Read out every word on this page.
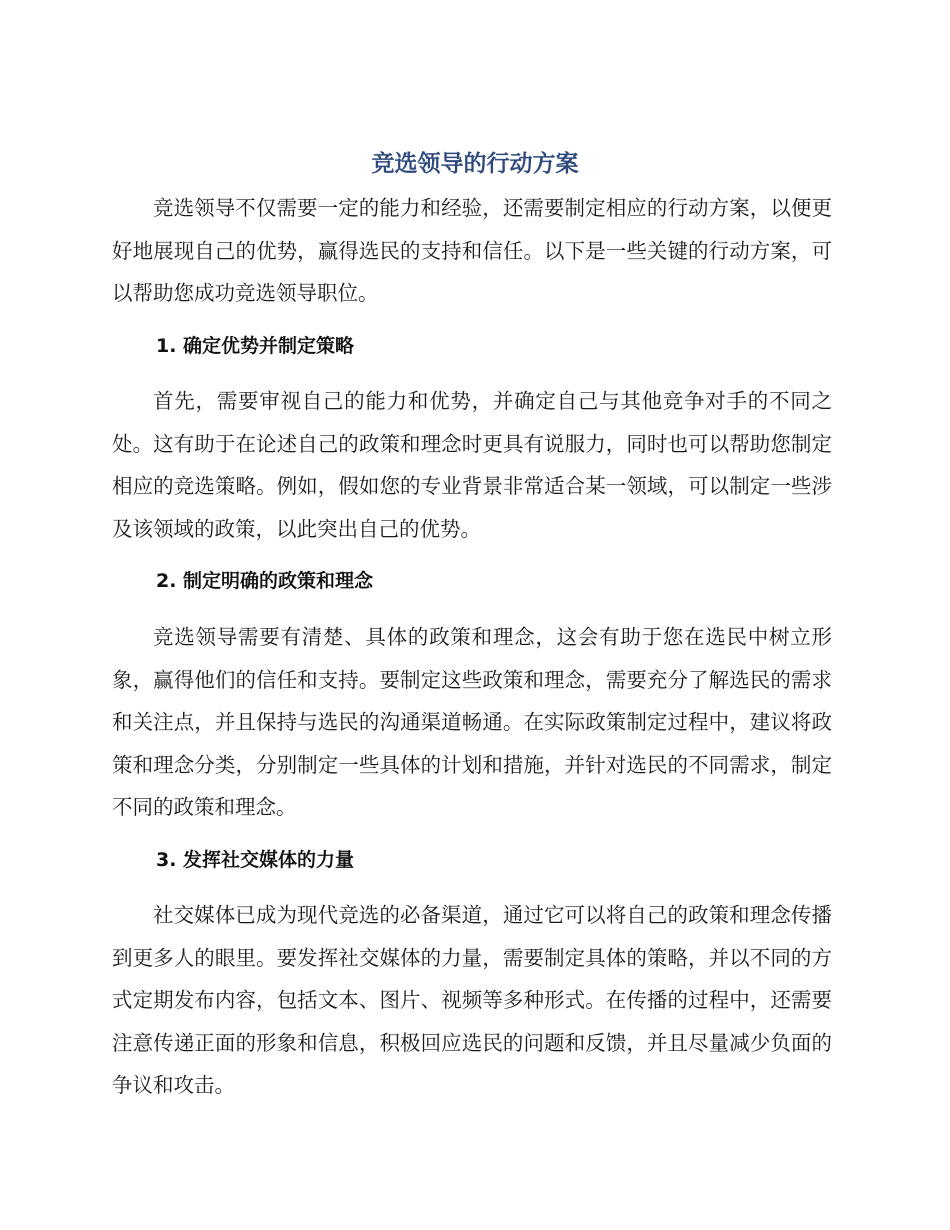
竞选领导的行动方案

竞选领导不仅需要一定的能力和经验，还需要制定相应的行动方案，以便更好地展现自己的优势，赢得选民的支持和信任。以下是一些关键的行动方案，可以帮助您成功竞选领导职位。

1. 确定优势并制定策略

首先，需要审视自己的能力和优势，并确定自己与其他竞争对手的不同之处。这有助于在论述自己的政策和理念时更具有说服力，同时也可以帮助您制定相应的竞选策略。例如，假如您的专业背景非常适合某一领域，可以制定一些涉及该领域的政策，以此突出自己的优势。

2. 制定明确的政策和理念

竞选领导需要有清楚、具体的政策和理念，这会有助于您在选民中树立形象，赢得他们的信任和支持。要制定这些政策和理念，需要充分了解选民的需求和关注点，并且保持与选民的沟通渠道畅通。在实际政策制定过程中，建议将政策和理念分类，分别制定一些具体的计划和措施，并针对选民的不同需求，制定不同的政策和理念。

3. 发挥社交媒体的力量

社交媒体已成为现代竞选的必备渠道，通过它可以将自己的政策和理念传播到更多人的眼里。要发挥社交媒体的力量，需要制定具体的策略，并以不同的方式定期发布内容，包括文本、图片、视频等多种形式。在传播的过程中，还需要注意传递正面的形象和信息，积极回应选民的问题和反馈，并且尽量减少负面的争议和攻击。
